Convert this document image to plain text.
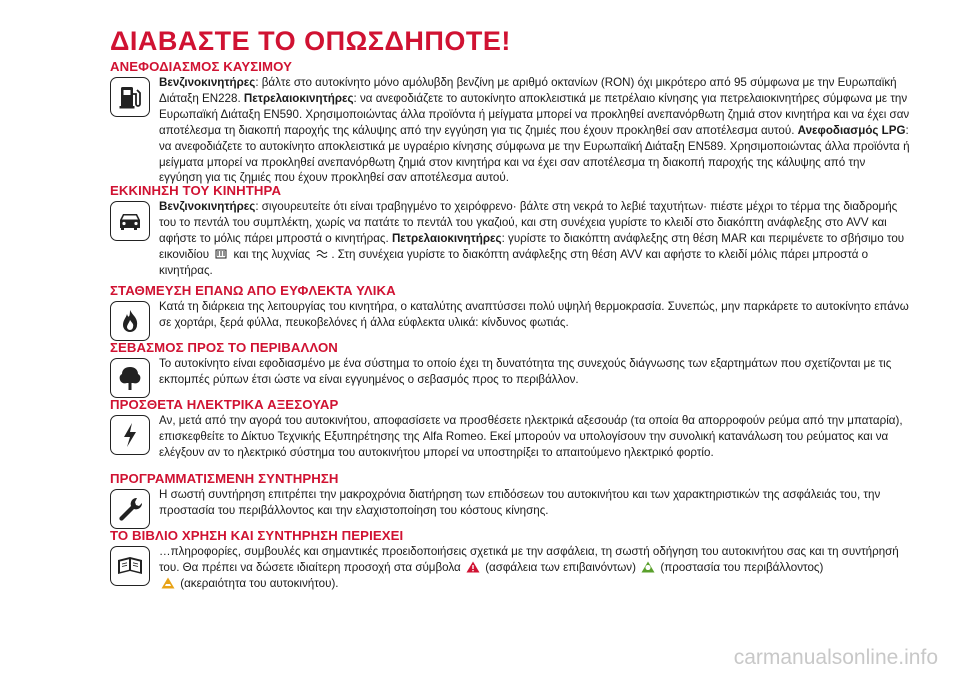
ΔΙΑΒΑΣΤΕ ΤΟ ΟΠΩΣΔΗΠΟΤΕ!
ΑΝΕΦΟΔΙΑΣΜΟΣ ΚΑΥΣΙΜΟΥ

Βενζινοκινητήρες: βάλτε στο αυτοκίνητο μόνο αμόλυβδη βενζίνη με αριθμό οκτανίων (RON) όχι μικρότερο από 95 σύμφωνα με την Ευρωπαϊκή Διάταξη EN228. Πετρελαιοκινητήρες: να ανεφοδιάζετε το αυτοκίνητο αποκλειστικά με πετρέλαιο κίνησης για πετρελαιοκινητήρες σύμφωνα με την Ευρωπαϊκή Διάταξη EN590. Χρησιμοποιώντας άλλα προϊόντα ή μείγματα μπορεί να προκληθεί ανεπανόρθωτη ζημιά στον κινητήρα και να έχει σαν αποτέλεσμα τη διακοπή παροχής της κάλυψης από την εγγύηση για τις ζημιές που έχουν προκληθεί σαν αποτέλεσμα αυτού. Ανεφοδιασμός LPG: να ανεφοδιάζετε το αυτοκίνητο αποκλειστικά με υγραέριο κίνησης σύμφωνα με την Ευρωπαϊκή Διάταξη EN589. Χρησιμοποιώντας άλλα προϊόντα ή μείγματα μπορεί να προκληθεί ανεπανόρθωτη ζημιά στον κινητήρα και να έχει σαν αποτέλεσμα τη διακοπή παροχής της κάλυψης από την εγγύηση για τις ζημιές που έχουν προκληθεί σαν αποτέλεσμα αυτού.

ΕΚΚΙΝΗΣΗ ΤΟΥ ΚΙΝΗΤΗΡΑ

Βενζινοκινητήρες: σιγουρευτείτε ότι είναι τραβηγμένο το χειρόφρενο· βάλτε στη νεκρά το λεβιέ ταχυτήτων· πιέστε μέχρι το τέρμα της διαδρομής του το πεντάλ του συμπλέκτη, χωρίς να πατάτε το πεντάλ του γκαζιού, και στη συνέχεια γυρίστε το κλειδί στο διακόπτη ανάφλεξης στο AVV και αφήστε το μόλις πάρει μπροστά ο κινητήρας. Πετρελαιοκινητήρες: γυρίστε το διακόπτη ανάφλεξης στη θέση MAR και περιμένετε το σβήσιμο του εικονιδίου και της λυχνίας . Στη συνέχεια γυρίστε το διακόπτη ανάφλεξης στη θέση AVV και αφήστε το κλειδί μόλις πάρει μπροστά ο κινητήρας.

ΣΤΑΘΜΕΥΣΗ ΕΠΑΝΩ ΑΠΟ ΕΥΦΛΕΚΤΑ ΥΛΙΚΑ

Κατά τη διάρκεια της λειτουργίας του κινητήρα, ο καταλύτης αναπτύσσει πολύ υψηλή θερμοκρασία. Συνεπώς, μην παρκάρετε το αυτοκίνητο επάνω σε χορτάρι, ξερά φύλλα, πευκοβελόνες ή άλλα εύφλεκτα υλικά: κίνδυνος φωτιάς.

ΣΕΒΑΣΜΟΣ ΠΡΟΣ ΤΟ ΠΕΡΙΒΑΛΛΟΝ

Το αυτοκίνητο είναι εφοδιασμένο με ένα σύστημα το οποίο έχει τη δυνατότητα της συνεχούς διάγνωσης των εξαρτημάτων που σχετίζονται με τις εκπομπές ρύπων έτσι ώστε να είναι εγγυημένος ο σεβασμός προς το περιβάλλον.

ΠΡΟΣΘΕΤΑ ΗΛΕΚΤΡΙΚΑ ΑΞΕΣΟΥΑΡ

Αν, μετά από την αγορά του αυτοκινήτου, αποφασίσετε να προσθέσετε ηλεκτρικά αξεσουάρ (τα οποία θα απορροφούν ρεύμα από την μπαταρία), επισκεφθείτε το Δίκτυο Τεχνικής Εξυπηρέτησης της Alfa Romeo. Εκεί μπορούν να υπολογίσουν την συνολική κατανάλωση του ρεύματος και να ελέγξουν αν το ηλεκτρικό σύστημα του αυτοκινήτου μπορεί να υποστηρίξει το απαιτούμενο ηλεκτρικό φορτίο.

ΠΡΟΓΡΑΜΜΑΤΙΣΜΕΝΗ ΣΥΝΤΗΡΗΣΗ

Η σωστή συντήρηση επιτρέπει την μακροχρόνια διατήρηση των επιδόσεων του αυτοκινήτου και των χαρακτηριστικών της ασφάλειάς του, την προστασία του περιβάλλοντος και την ελαχιστοποίηση του κόστους κίνησης.

ΤΟ ΒΙΒΛΙΟ ΧΡΗΣΗ ΚΑΙ ΣΥΝΤΗΡΗΣΗ ΠΕΡΙΕΧΕΙ

…πληροφορίες, συμβουλές και σημαντικές προειδοποιήσεις σχετικά με την ασφάλεια, τη σωστή οδήγηση του αυτοκινήτου σας και τη συντήρησή του. Θα πρέπει να δώσετε ιδιαίτερη προσοχή στα σύμβολα (ασφάλεια των επιβαινόντων) (προστασία του περιβάλλοντος)
(ακεραιότητα του αυτοκινήτου).

carmanualsonline.info
